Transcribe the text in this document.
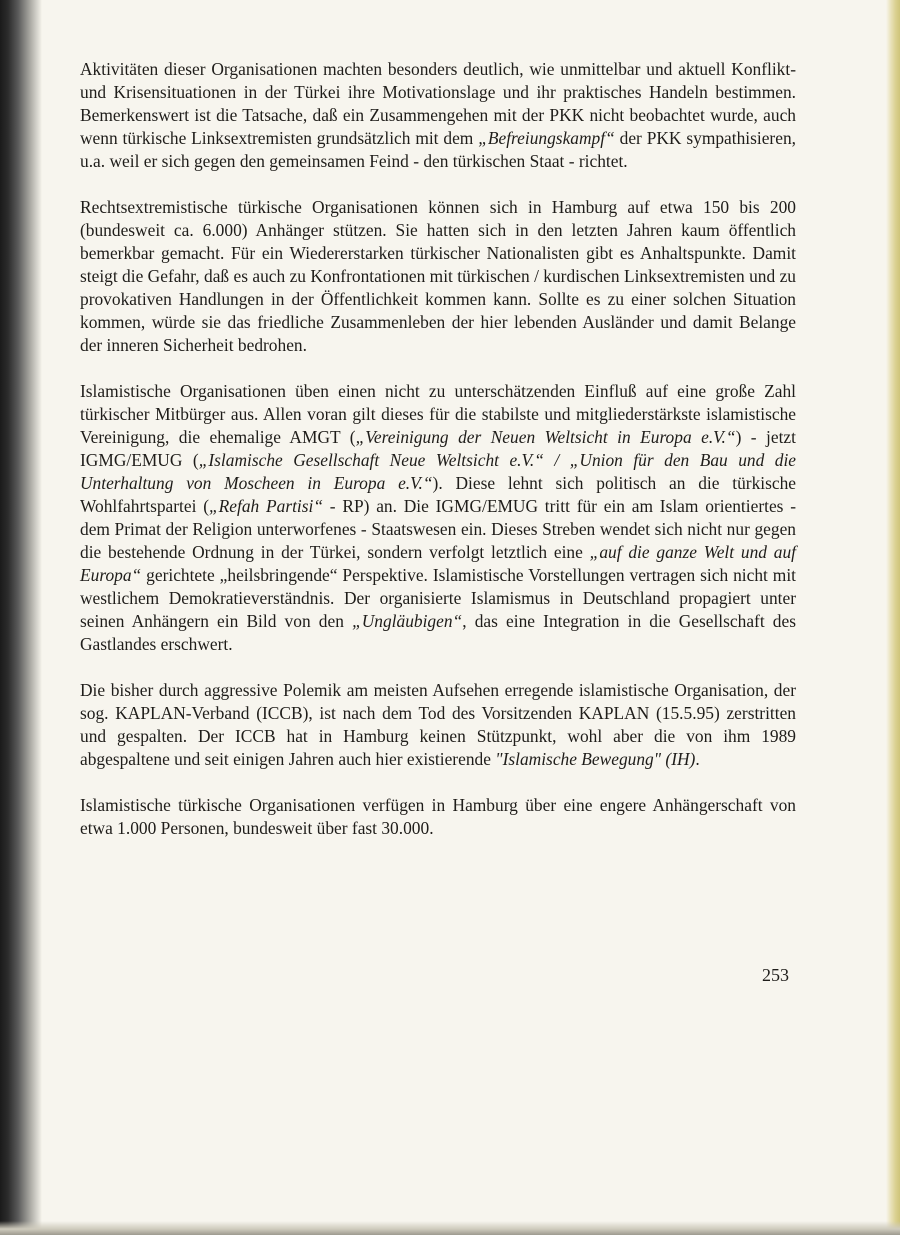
Aktivitäten dieser Organisationen machten besonders deutlich, wie unmittelbar und aktuell Konflikt- und Krisensituationen in der Türkei ihre Motivationslage und ihr praktisches Handeln bestimmen. Bemerkenswert ist die Tatsache, daß ein Zusammengehen mit der PKK nicht beobachtet wurde, auch wenn türkische Linksextremisten grundsätzlich mit dem „Befreiungskampf“ der PKK sympathisieren, u.a. weil er sich gegen den gemeinsamen Feind - den türkischen Staat - richtet.

Rechtsextremistische türkische Organisationen können sich in Hamburg auf etwa 150 bis 200 (bundesweit ca. 6.000) Anhänger stützen. Sie hatten sich in den letzten Jahren kaum öffentlich bemerkbar gemacht. Für ein Wiedererstarken türkischer Nationalisten gibt es Anhaltspunkte. Damit steigt die Gefahr, daß es auch zu Konfrontationen mit türkischen / kurdischen Linksextremisten und zu provokativen Handlungen in der Öffentlichkeit kommen kann. Sollte es zu einer solchen Situation kommen, würde sie das friedliche Zusammenleben der hier lebenden Ausländer und damit Belange der inneren Sicherheit bedrohen.

Islamistische Organisationen üben einen nicht zu unterschätzenden Einfluß auf eine große Zahl türkischer Mitbürger aus. Allen voran gilt dieses für die stabilste und mitgliederstärkste islamistische Vereinigung, die ehemalige AMGT („Vereinigung der Neuen Weltsicht in Europa e.V.“) - jetzt IGMG/EMUG („Islamische Gesellschaft Neue Weltsicht e.V.“ / „Union für den Bau und die Unterhaltung von Moscheen in Europa e.V.“). Diese lehnt sich politisch an die türkische Wohlfahrtspartei („Refah Partisi“ - RP) an. Die IGMG/EMUG tritt für ein am Islam orientiertes - dem Primat der Religion unterworfenes - Staatswesen ein. Dieses Streben wendet sich nicht nur gegen die bestehende Ordnung in der Türkei, sondern verfolgt letztlich eine „auf die ganze Welt und auf Europa“ gerichtete „heilsbringende“ Perspektive. Islamistische Vorstellungen vertragen sich nicht mit westlichem Demokratieverständnis. Der organisierte Islamismus in Deutschland propagiert unter seinen Anhängern ein Bild von den „Ungläubigen“, das eine Integration in die Gesellschaft des Gastlandes erschwert.

Die bisher durch aggressive Polemik am meisten Aufsehen erregende islamistische Organisation, der sog. KAPLAN-Verband (ICCB), ist nach dem Tod des Vorsitzenden KAPLAN (15.5.95) zerstritten und gespalten. Der ICCB hat in Hamburg keinen Stützpunkt, wohl aber die von ihm 1989 abgespaltene und seit einigen Jahren auch hier existierende "Islamische Bewegung" (IH).

Islamistische türkische Organisationen verfügen in Hamburg über eine engere Anhängerschaft von etwa 1.000 Personen, bundesweit über fast 30.000.

253
